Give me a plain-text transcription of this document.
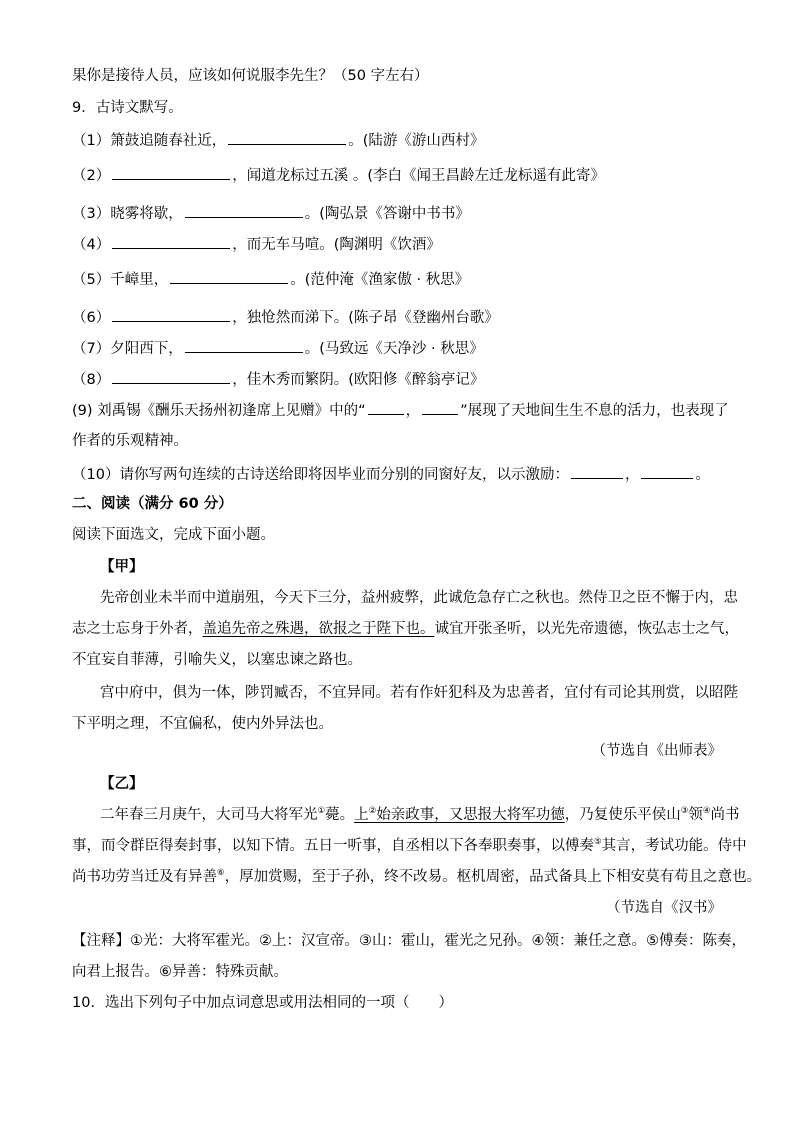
果你是接待人员，应该如何说服李先生？（50 字左右）
9．古诗文默写。
（1）箫鼓追随春社近，	。(陆游《游山西村》
（2）	，闻道龙标过五溪 。(李白《闻王昌龄左迁龙标遥有此寄》
（3）晓雾将歇，	。(陶弘景《答谢中书书》
（4）	，而无车马喧。(陶渊明《饮酒》
（5）千嶂里，	。(范仲淹《渔家傲 · 秋思》
（6）	，独怆然而涕下。(陈子昂《登幽州台歌》
（7）夕阳西下，	。(马致远《天净沙 · 秋思》
（8）	，佳木秀而繁阴。(欧阳修《醉翁亭记》
(9) 刘禹锡《酬乐天扬州初逢席上见赠》中的“	，	”展现了天地间生生不息的活力，也表现了
作者的乐观精神。
（10）请你写两句连续的古诗送给即将因毕业而分别的同窗好友，以示激励：	，	。
二、阅读（满分 60 分）
阅读下面选文，完成下面小题。
【甲】
先帝创业未半而中道崩殂，今天下三分，益州疲弊，此诚危急存亡之秋也。然侍卫之臣不懈于内，忠
志之士忘身于外者，盖追先帝之殊遇，欲报之于陛下也。诚宜开张圣听，以光先帝遗德，恢弘志士之气，
不宜妄自菲薄，引喻失义，以塞忠谏之路也。
宫中府中，俱为一体，陟罚臧否，不宜异同。若有作奸犯科及为忠善者，宜付有司论其刑赏，以昭陛
下平明之理，不宜偏私，使内外异法也。
（节选自《出师表》
【乙】
二年春三月庚午，大司马大将军光①薨。上②始亲政事，又思报大将军功德，乃复使乐平侯山③领④尚书
事，而令群臣得奏封事，以知下情。五日一听事，自丞相以下各奉职奏事，以傅奏⑤其言，考试功能。侍中
尚书功劳当迁及有异善⑥，厚加赏赐，至于子孙，终不改易。枢机周密，品式备具上下相安莫有苟且之意也。
（节选自《汉书》
【注释】①光：大将军霍光。②上：汉宣帝。③山：霍山，霍光之兄孙。④领：兼任之意。⑤傅奏：陈奏，
向君上报告。⑥异善：特殊贡献。
10．选出下列句子中加点词意思或用法相同的一项（　　）
